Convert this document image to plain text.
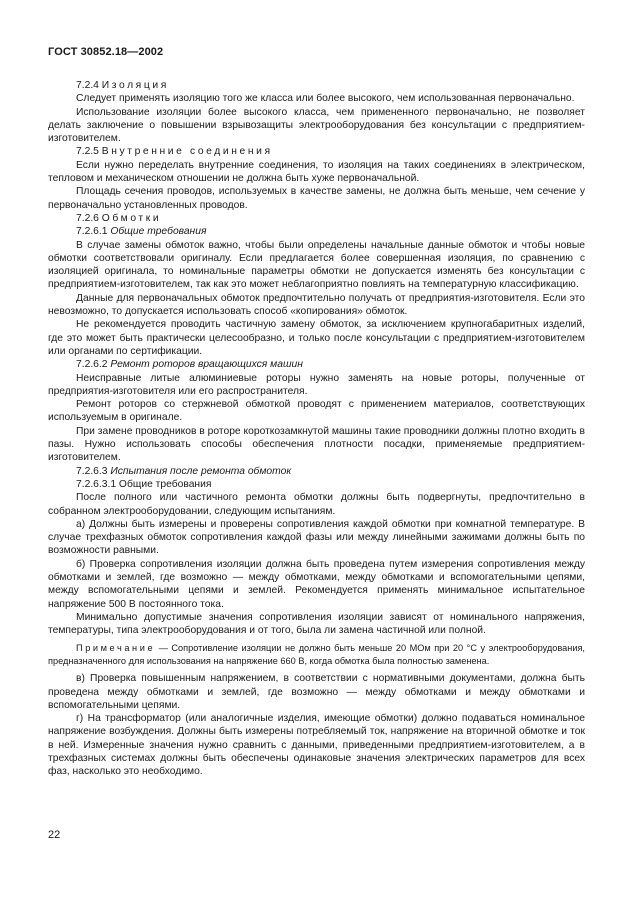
ГОСТ 30852.18—2002

7.2.4 Изоляция

Следует применять изоляцию того же класса или более высокого, чем использованная первоначально.

Использование изоляции более высокого класса, чем примененного первоначально, не позволяет делать заключение о повышении взрывозащиты электрооборудования без консультации с предприятием-изготовителем.

7.2.5 Внутренние соединения

Если нужно переделать внутренние соединения, то изоляция на таких соединениях в электрическом, тепловом и механическом отношении не должна быть хуже первоначальной.

Площадь сечения проводов, используемых в качестве замены, не должна быть меньше, чем сечение у первоначально установленных проводов.

7.2.6 Обмотки

7.2.6.1 Общие требования

В случае замены обмоток важно, чтобы были определены начальные данные обмоток и чтобы новые обмотки соответствовали оригиналу. Если предлагается более совершенная изоляция, по сравнению с изоляцией оригинала, то номинальные параметры обмотки не допускается изменять без консультации с предприятием-изготовителем, так как это может неблагоприятно повлиять на температурную классификацию.

Данные для первоначальных обмоток предпочтительно получать от предприятия-изготовителя. Если это невозможно, то допускается использовать способ «копирования» обмоток.

Не рекомендуется проводить частичную замену обмоток, за исключением крупногабаритных изделий, где это может быть практически целесообразно, и только после консультации с предприятием-изготовителем или органами по сертификации.

7.2.6.2 Ремонт роторов вращающихся машин

Неисправные литые алюминиевые роторы нужно заменять на новые роторы, полученные от предприятия-изготовителя или его распространителя.

Ремонт роторов со стержневой обмоткой проводят с применением материалов, соответствующих используемым в оригинале.

При замене проводников в роторе короткозамкнутой машины такие проводники должны плотно входить в пазы. Нужно использовать способы обеспечения плотности посадки, применяемые предприятием-изготовителем.

7.2.6.3 Испытания после ремонта обмоток

7.2.6.3.1 Общие требования

После полного или частичного ремонта обмотки должны быть подвергнуты, предпочтительно в собранном электрооборудовании, следующим испытаниям.

а) Должны быть измерены и проверены сопротивления каждой обмотки при комнатной температуре. В случае трехфазных обмоток сопротивления каждой фазы или между линейными зажимами должны быть по возможности равными.

б) Проверка сопротивления изоляции должна быть проведена путем измерения сопротивления между обмотками и землей, где возможно — между обмотками, между обмотками и вспомогательными цепями, между вспомогательными цепями и землей. Рекомендуется применять минимальное испытательное напряжение 500 В постоянного тока.

Минимально допустимые значения сопротивления изоляции зависят от номинального напряжения, температуры, типа электрооборудования и от того, была ли замена частичной или полной.

Примечание — Сопротивление изоляции не должно быть меньше 20 МОм при 20 °С у электрооборудования, предназначенного для использования на напряжение 660 В, когда обмотка была полностью заменена.

в) Проверка повышенным напряжением, в соответствии с нормативными документами, должна быть проведена между обмотками и землей, где возможно — между обмотками и между обмотками и вспомогательными цепями.

г) На трансформатор (или аналогичные изделия, имеющие обмотки) должно подаваться номинальное напряжение возбуждения. Должны быть измерены потребляемый ток, напряжение на вторичной обмотке и ток в ней. Измеренные значения нужно сравнить с данными, приведенными предприятием-изготовителем, а в трехфазных системах должны быть обеспечены одинаковые значения электрических параметров для всех фаз, насколько это необходимо.

22
